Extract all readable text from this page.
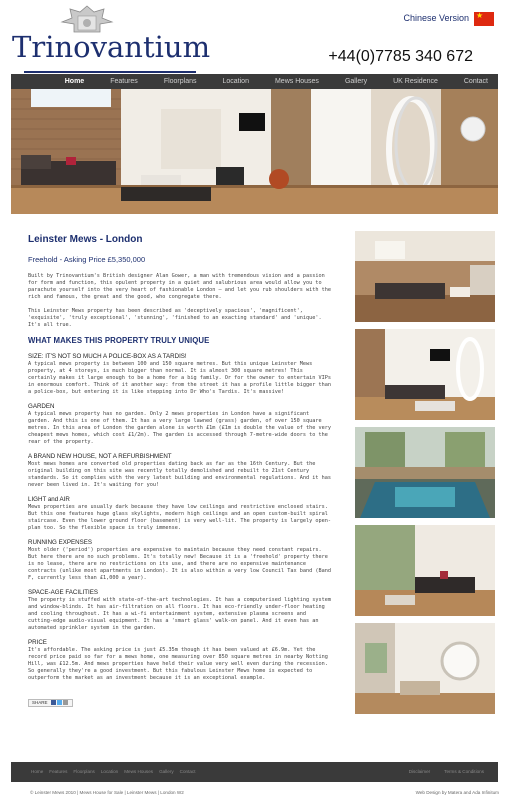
Trinovantium
Chinese Version ★
+44(0)7785 340 672
Home	Features	Floorplans	Location	Mews Houses	Gallery	UK Residence	Contact
Leinster Mews - London
Freehold - Asking Price £5,350,000

Built by Trinovantium's British designer Alan Gower, a man with tremendous vision and a passion for form and function, this opulent property in a quiet and salubrious area would allow you to parachute yourself into the very heart of fashionable London – and let you rub shoulders with the rich and famous, the great and the good, who congregate there.

This Leinster Mews property has been described as 'deceptively spacious', 'magnificent', 'exquisite', 'truly exceptional', 'stunning', 'finished to an exacting standard' and 'unique'. It's all true.

WHAT MAKES THIS PROPERTY TRULY UNIQUE
SIZE: IT'S NOT SO MUCH A POLICE-BOX AS A TARDIS!

A typical mews property is between 100 and 150 square metres. But this unique Leinster Mews property, at 4 storeys, is much bigger than normal. It is almost 300 square metres! This certainly makes it large enough to be a home for a big family. Or for the owner to entertain VIPs in enormous comfort. Think of it another way: from the street it has a profile little bigger than a police-box, but entering it is like stepping into Dr Who's Tardis. It's massive!

GARDEN

A typical mews property has no garden. Only 2 mews properties in London have a significant garden. And this is one of them. It has a very large lawned (grass) garden, of over 150 square metres. In this area of London the garden alone is worth £1m (£1m is double the value of the very cheapest mews homes, which cost £1/2m). The garden is accessed through 7-metre-wide doors to the rear of the property.

A BRAND NEW HOUSE, NOT A REFURBISHMENT

Most mews homes are converted old properties dating back as far as the 16th Century. But the original building on this site was recently totally demolished and rebuilt to 21st Century standards. So it complies with the very latest building and environmental regulations. And it has never been lived in. It's waiting for you!

LIGHT and AIR

Mews properties are usually dark because they have low ceilings and restrictive enclosed stairs. But this one features huge glass skylights, modern high ceilings and an open custom-built spiral staircase. Even the lower ground floor (basement) is very well-lit. The property is largely open-plan too. So the flexible space is truly immense.

RUNNING EXPENSES

Most older ('period') properties are expensive to maintain because they need constant repairs. But here there are no such problems. It's totally new! Because it is a 'freehold' property there is no lease, there are no restrictions on its use, and there are no expensive maintenance contracts (unlike most apartments in London). It is also within a very low Council Tax band (Band F, currently less than £1,000 a year).

SPACE-AGE FACILITIES

The property is stuffed with state-of-the-art technologies. It has a computerised lighting system and window-blinds. It has air-filtration on all floors. It has eco-friendly under-floor heating and cooling throughout. It has a wi-fi entertainment system, extensive plasma screens and cutting-edge audio-visual equipment. It has a 'smart glass' walk-on panel. And it even has an automated sprinkler system in the garden.

PRICE

It's affordable. The asking price is just £5.35m though it has been valued at £6.9m. Yet the record price paid so far for a mews home, one measuring over 850 square metres in nearby Notting Hill, was £12.5m. And mews properties have held their value very well even during the recession. So generally they're a good investment. But this fabulous Leinster Mews home is expected to outperform the market as an investment because it is an exceptional example.

SHARE
Home Features Floorplans Location Mews Houses Gallery Contact	Disclaimer	Terms & Conditions
© Leinster Mews 2010 | Mews House for Sale | Leinster Mews | London W2	Web Design by Matera and Ada Infinitum
